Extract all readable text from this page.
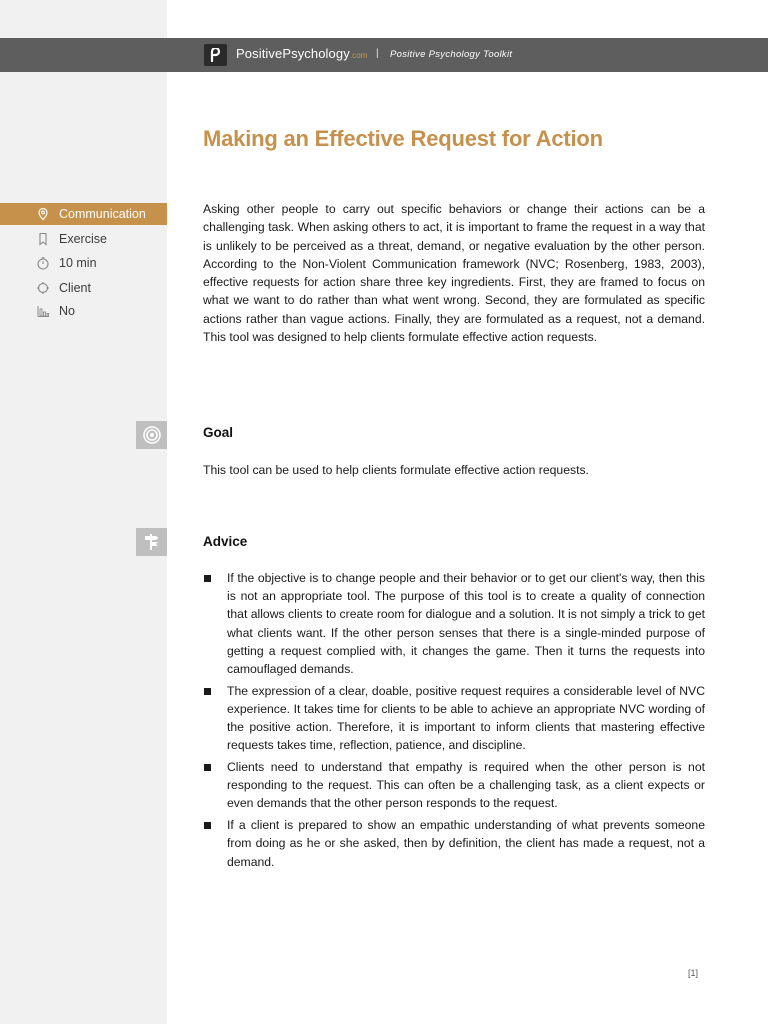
PositivePsychology.com | Positive Psychology Toolkit
Making an Effective Request for Action
Communication
Exercise
10 min
Client
No

Asking other people to carry out specific behaviors or change their actions can be a challenging task. When asking others to act, it is important to frame the request in a way that is unlikely to be perceived as a threat, demand, or negative evaluation by the other person. According to the Non-Violent Communication framework (NVC; Rosenberg, 1983, 2003), effective requests for action share three key ingredients. First, they are framed to focus on what we want to do rather than what went wrong. Second, they are formulated as specific actions rather than vague actions. Finally, they are formulated as a request, not a demand. This tool was designed to help clients formulate effective action requests.

Goal

This tool can be used to help clients formulate effective action requests.

Advice
If the objective is to change people and their behavior or to get our client's way, then this is not an appropriate tool. The purpose of this tool is to create a quality of connection that allows clients to create room for dialogue and a solution. It is not simply a trick to get what clients want. If the other person senses that there is a single-minded purpose of getting a request complied with, it changes the game. Then it turns the requests into camouflaged demands.
The expression of a clear, doable, positive request requires a considerable level of NVC experience. It takes time for clients to be able to achieve an appropriate NVC wording of the positive action. Therefore, it is important to inform clients that mastering effective requests takes time, reflection, patience, and discipline.
Clients need to understand that empathy is required when the other person is not responding to the request. This can often be a challenging task, as a client expects or even demands that the other person responds to the request.
If a client is prepared to show an empathic understanding of what prevents someone from doing as he or she asked, then by definition, the client has made a request, not a demand.
[1]
